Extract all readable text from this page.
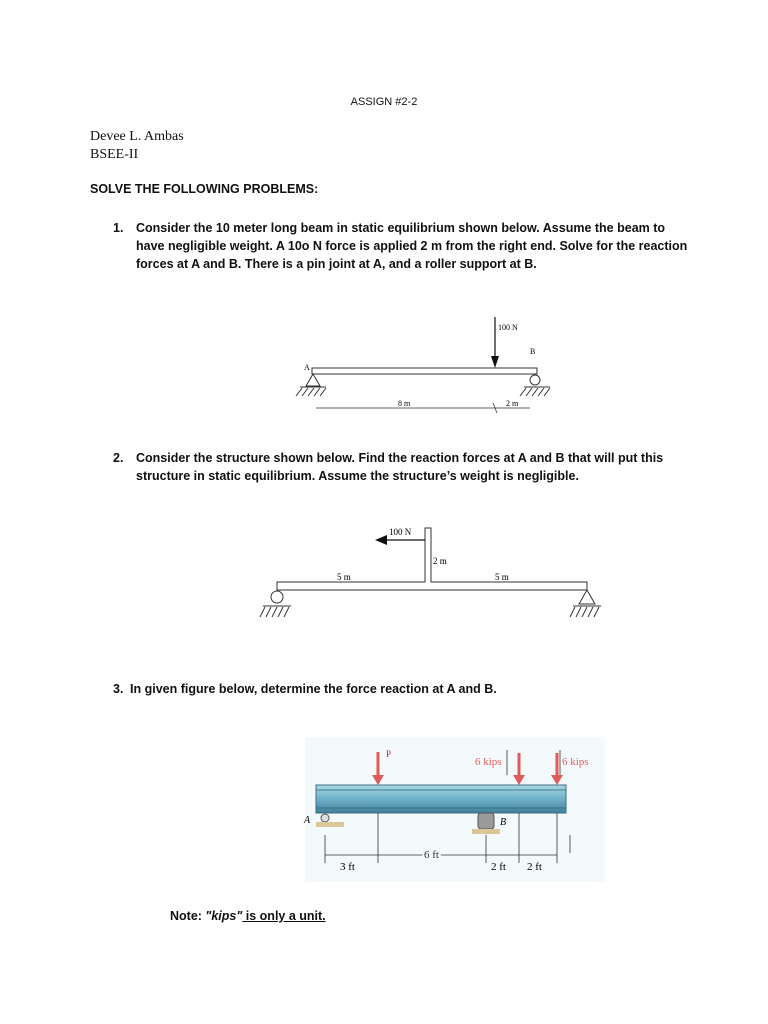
ASSIGN #2-2
Devee L. Ambas
BSEE-II
SOLVE THE FOLLOWING PROBLEMS:
1.	Consider the 10 meter long beam in static equilibrium shown below. Assume the beam to have negligible weight. A 10o N force is applied 2 m from the right end. Solve for the reaction forces at A and B. There is a pin joint at A, and a roller support at B.
100 N
B
A
8 m	2 m
2.	Consider the structure shown below. Find the reaction forces at A and B that will put this structure in static equilibrium. Assume the structure’s weight is negligible.
100 N
2 m
5 m	5 m
3. In given figure below, determine the force reaction at A and B.
P
6 kips	6 kips
A	B
3 ft
6 ft
2 ft 2 ft
Note: "kips" is only a unit.
